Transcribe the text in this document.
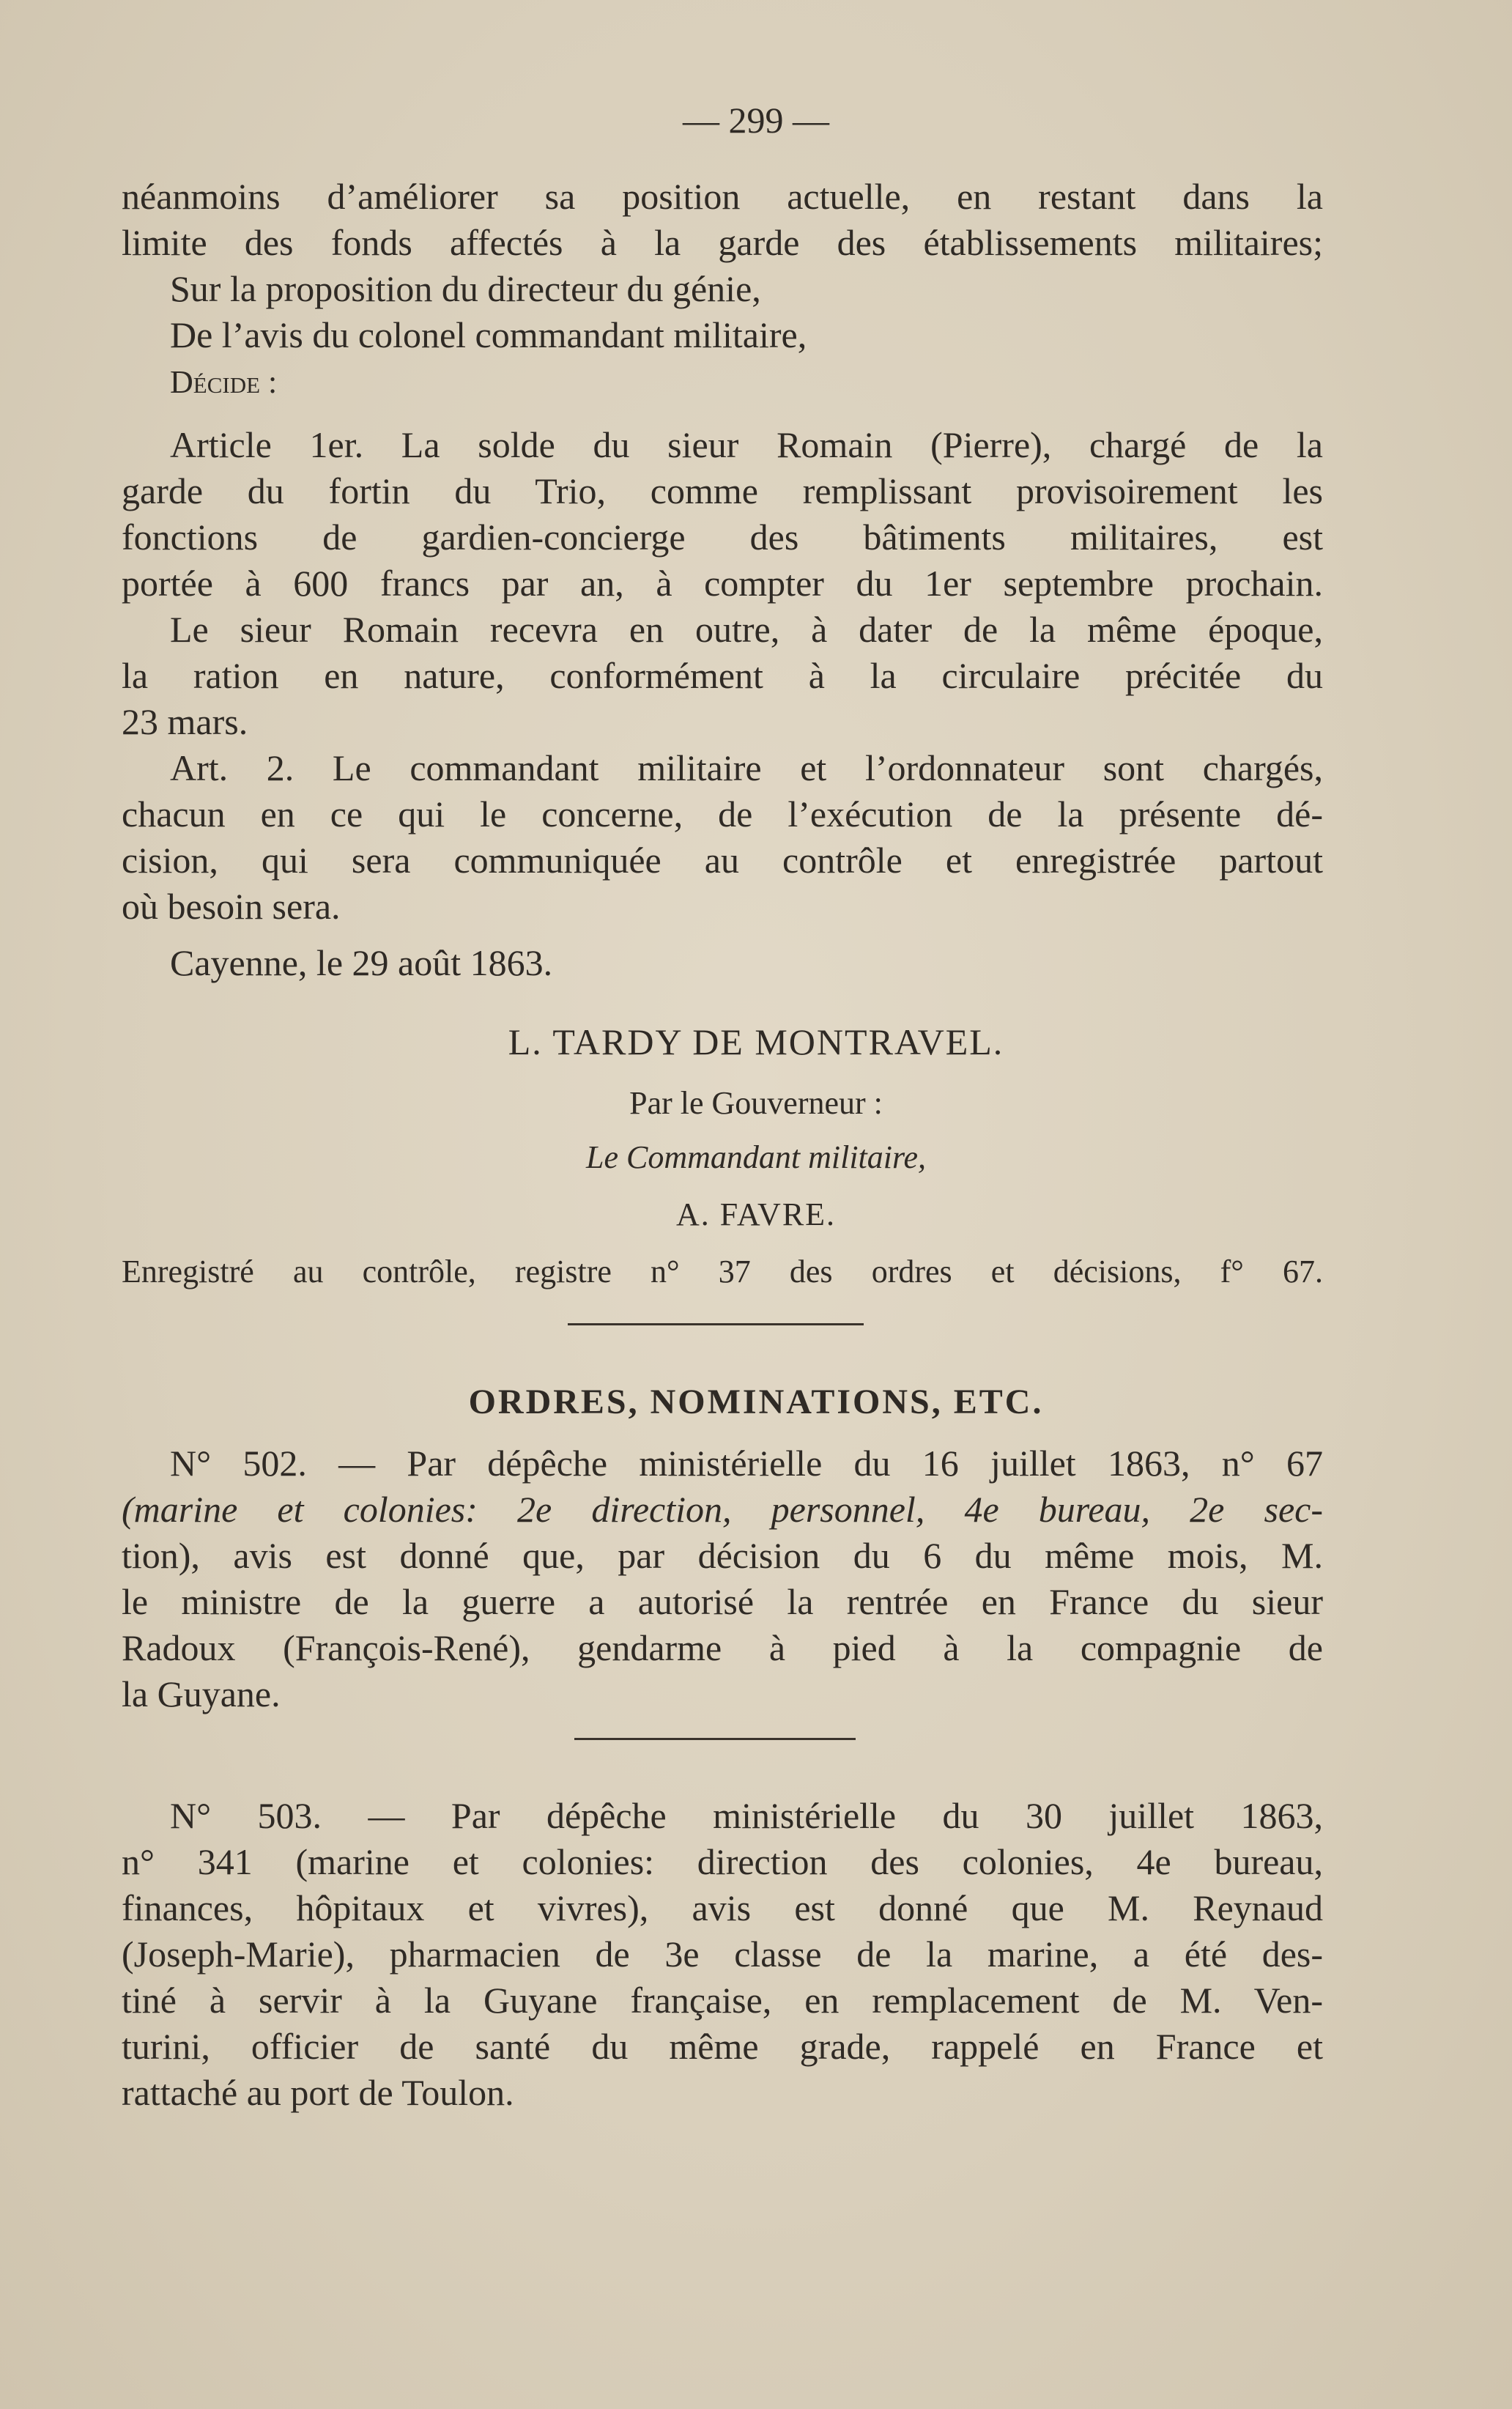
— 299 —
néanmoins d’améliorer sa position actuelle, en restant dans la
limite des fonds affectés à la garde des établissements militaires;
Sur la proposition du directeur du génie,
De l’avis du colonel commandant militaire,
Décide :
Article 1er. La solde du sieur Romain (Pierre), chargé de la
garde du fortin du Trio, comme remplissant provisoirement les
fonctions de gardien-concierge des bâtiments militaires, est
portée à 600 francs par an, à compter du 1er septembre prochain.
Le sieur Romain recevra en outre, à dater de la même époque,
la ration en nature, conformément à la circulaire précitée du
23 mars.
Art. 2. Le commandant militaire et l’ordonnateur sont chargés,
chacun en ce qui le concerne, de l’exécution de la présente dé-
cision, qui sera communiquée au contrôle et enregistrée partout
où besoin sera.
Cayenne, le 29 août 1863.
L. TARDY DE MONTRAVEL.
Par le Gouverneur :
Le Commandant militaire,
A. FAVRE.
Enregistré au contrôle, registre n° 37 des ordres et décisions, f° 67.
ORDRES, NOMINATIONS, ETC.
N° 502. — Par dépêche ministérielle du 16 juillet 1863, n° 67
(marine et colonies: 2e direction, personnel, 4e bureau, 2e sec-
tion), avis est donné que, par décision du 6 du même mois, M.
le ministre de la guerre a autorisé la rentrée en France du sieur
Radoux (François-René), gendarme à pied à la compagnie de
la Guyane.
N° 503. — Par dépêche ministérielle du 30 juillet 1863,
n° 341 (marine et colonies: direction des colonies, 4e bureau,
finances, hôpitaux et vivres), avis est donné que M. Reynaud
(Joseph-Marie), pharmacien de 3e classe de la marine, a été des-
tiné à servir à la Guyane française, en remplacement de M. Ven-
turini, officier de santé du même grade, rappelé en France et
rattaché au port de Toulon.
